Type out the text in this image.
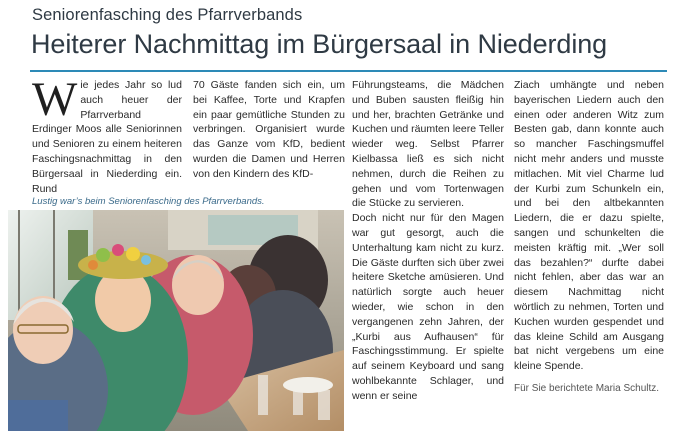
Seniorenfasching des Pfarrverbands
Heiterer Nachmittag im Bürgersaal in Niederding

Wie jedes Jahr so lud auch heuer der Pfarrverband Erdinger Moos alle Seniorinnen und Senioren zu einem heiteren Faschingsnachmittag in den Bürgersaal in Niederding ein. Rund

Lustig war’s beim Seniorenfasching des Pfarrverbands.

70 Gäste fanden sich ein, um bei Kaffee, Torte und Krapfen ein paar gemütliche Stunden zu verbringen. Organisiert wurde das Ganze vom KfD, bedient wurden die Damen und Herren von den Kindern des KfD-

Führungsteams, die Mädchen und Buben sausten fleißig hin und her, brachten Getränke und Kuchen und räumten leere Teller wieder weg. Selbst Pfarrer Kielbassa ließ es sich nicht nehmen, durch die Reihen zu gehen und vom Tortenwagen die Stücke zu servieren.

Doch nicht nur für den Magen war gut gesorgt, auch die Unterhaltung kam nicht zu kurz. Die Gäste durften sich über zwei heitere Sketche amüsieren. Und natürlich sorgte auch heuer wieder, wie schon in den vergangenen zehn Jahren, der „Kurbi aus Aufhausen“ für Faschingsstimmung. Er spielte auf seinem Keyboard und sang wohlbekannte Schlager, und wenn er seine

Ziach umhängte und neben bayerischen Liedern auch den einen oder anderen Witz zum Besten gab, dann konnte auch so mancher Faschingsmuffel nicht mehr anders und musste mitlachen. Mit viel Charme lud der Kurbi zum Schunkeln ein, und bei den altbekannten Liedern, die er dazu spielte, sangen und schunkelten die meisten kräftig mit. „Wer soll das bezahlen?“ durfte dabei nicht fehlen, aber das war an diesem Nachmittag nicht wörtlich zu nehmen, Torten und Kuchen wurden gespendet und das kleine Schild am Ausgang bat nicht vergebens um eine kleine Spende.

Für Sie berichtete Maria Schultz.
